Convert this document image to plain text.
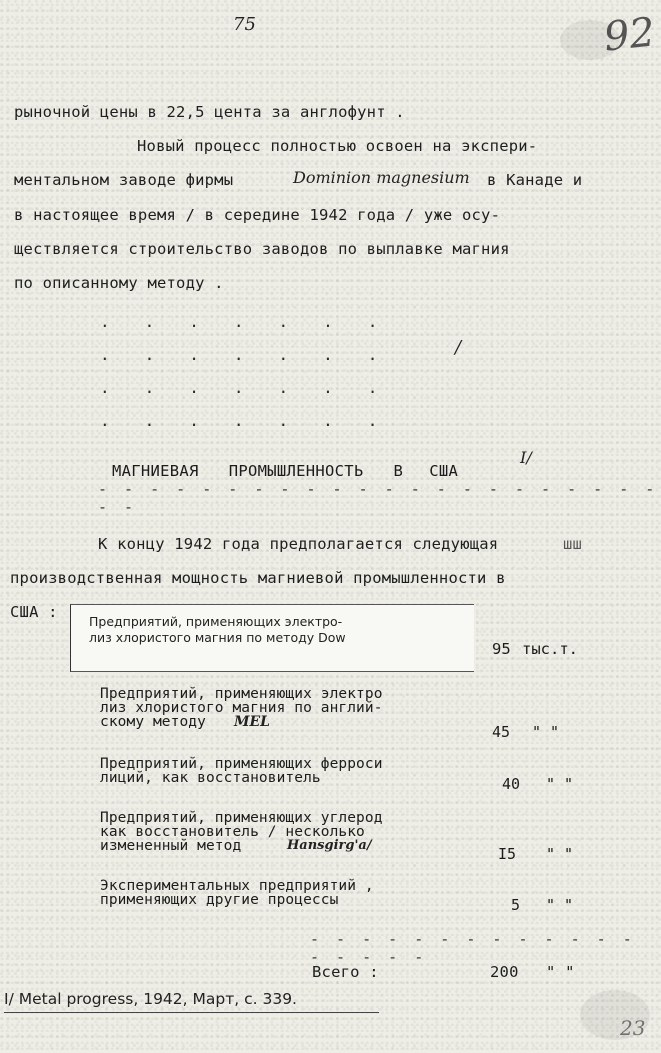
75	92
рыночной цены в 22,5 цента за англофунт .
Новый процесс полностью освоен на экспери-
ментальном заводе фирмы	Dominion magnesium в Канаде и
в настоящее время / в середине 1942 года / уже осу-
ществляется строительство заводов по выплавке магния
по описанному методу .
.......
.......
.......
.......
/
МАГНИЕВАЯ ПРОМЫШЛЕННОСТЬ В США
I/
- - - - - - - - - - - - - - - - - - - - - - - -
К концу 1942 года предполагается следующая	шш
производственная мощность магниевой промышленности в
США :
Предприятий, применяющих электро-
лиз хлористого магния по методу Dow
95 тыс.т.
Предприятий, применяющих электро
лиз хлористого магния по англий-
скому методу MEL
45 " "
Предприятий, применяющих ферроси
лиций, как восстановитель	40 " "
Предприятий, применяющих углерод
как восстановитель / несколько
измененный метод	Hansgirg'a/	I5 " "
Экспериментальных предприятий ,
применяющих другие процессы	5 " "
- - - - - - - - - - - - - - - - - -
Всего :	200 " "
I/ Metal progress, 1942, Март, с. 339.
23
